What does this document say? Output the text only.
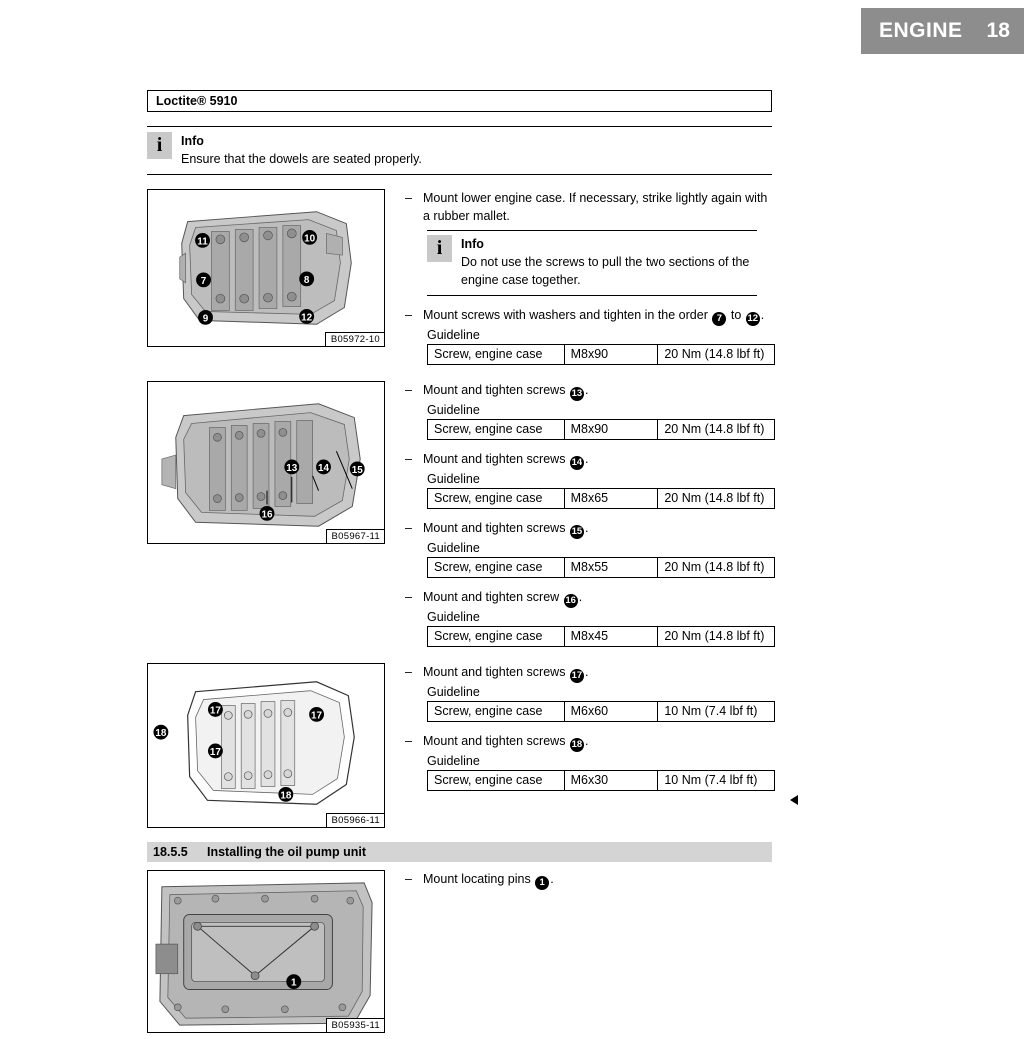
ENGINE 18
Loctite® 5910
i	Info
Ensure that the dowels are seated properly.
11	10
7	8
9	12
B05972-10
– Mount lower engine case. If necessary, strike lightly again with a rubber mallet.
i	Info
Do not use the screws to pull the two sections of the engine case together.
– Mount screws with washers and tighten in the order 7 to 12 .
Guideline
Screw, engine case	M8x90	20 Nm (14.8 lbf ft)
13 14 15
16
B05967-11
– Mount and tighten screws 13 .
Guideline
Screw, engine case	M8x90	20 Nm (14.8 lbf ft)
– Mount and tighten screws 14 .
Guideline
Screw, engine case	M8x65	20 Nm (14.8 lbf ft)
– Mount and tighten screws 15 .
Guideline
Screw, engine case	M8x55	20 Nm (14.8 lbf ft)
– Mount and tighten screw 16 .
Guideline
Screw, engine case	M8x45	20 Nm (14.8 lbf ft)
17	17
17
18
18
B05966-11
– Mount and tighten screws 17 .
Guideline
Screw, engine case	M6x60	10 Nm (7.4 lbf ft)
– Mount and tighten screws 18 .
Guideline
Screw, engine case	M6x30	10 Nm (7.4 lbf ft)
18.5.5	Installing the oil pump unit
1
B05935-11
– Mount locating pins 1 .
